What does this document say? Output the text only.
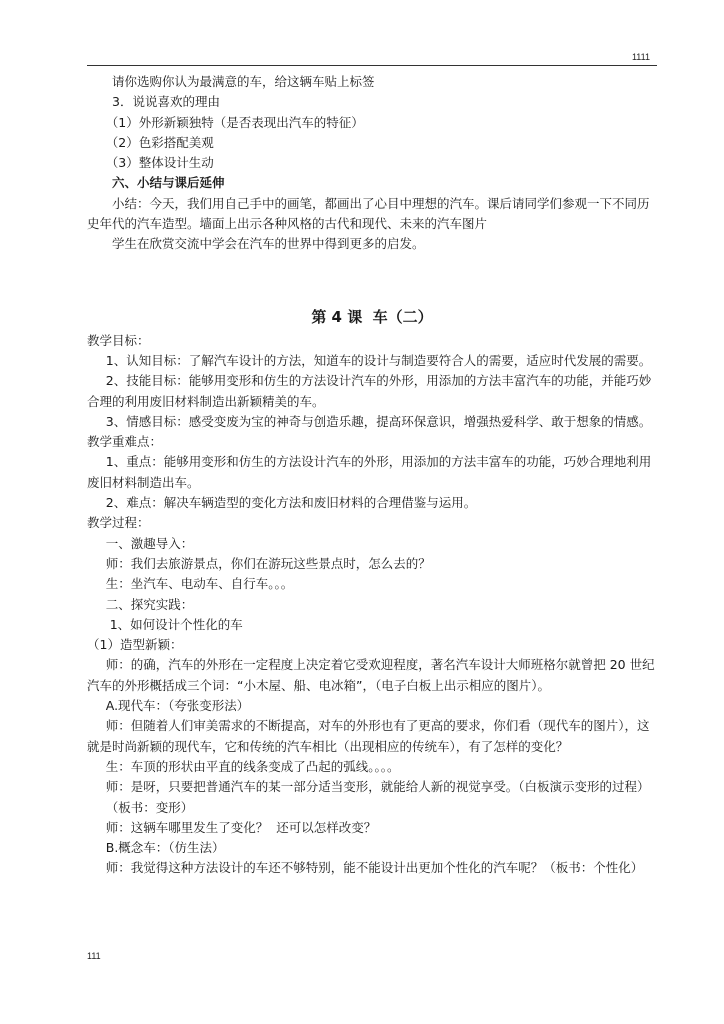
1111

请你选购你认为最满意的车，给这辆车贴上标签

3．说说喜欢的理由

（1）外形新颖独特（是否表现出汽车的特征）

（2）色彩搭配美观

（3）整体设计生动

六、小结与课后延伸

小结：今天，我们用自己手中的画笔，都画出了心目中理想的汽车。课后请同学们参观一下不同历史年代的汽车造型。墙面上出示各种风格的古代和现代、未来的汽车图片

学生在欣赏交流中学会在汽车的世界中得到更多的启发。

第 4 课  车（二）

教学目标：

1、认知目标：了解汽车设计的方法，知道车的设计与制造要符合人的需要，适应时代发展的需要。

2、技能目标：能够用变形和仿生的方法设计汽车的外形，用添加的方法丰富汽车的功能，并能巧妙合理的利用废旧材料制造出新颖精美的车。

3、情感目标：感受变废为宝的神奇与创造乐趣，提高环保意识，增强热爱科学、敢于想象的情感。

教学重难点：

1、重点：能够用变形和仿生的方法设计汽车的外形，用添加的方法丰富车的功能，巧妙合理地利用废旧材料制造出车。

2、难点：解决车辆造型的变化方法和废旧材料的合理借鉴与运用。

教学过程：

一、激趣导入：

师：我们去旅游景点，你们在游玩这些景点时，怎么去的？

生：坐汽车、电动车、自行车。。。

二、探究实践：

1、如何设计个性化的车

（1）造型新颖：

师：的确，汽车的外形在一定程度上决定着它受欢迎程度，著名汽车设计大师班格尔就曾把 20 世纪汽车的外形概括成三个词：“小木屋、船、电冰箱”，（电子白板上出示相应的图片）。

A.现代车：（夸张变形法）

师：但随着人们审美需求的不断提高，对车的外形也有了更高的要求，你们看（现代车的图片），这就是时尚新颖的现代车，它和传统的汽车相比（出现相应的传统车），有了怎样的变化？

生：车顶的形状由平直的线条变成了凸起的弧线。。。。

师：是呀，只要把普通汽车的某一部分适当变形，就能给人新的视觉享受。（白板演示变形的过程）

（板书：变形）

师：这辆车哪里发生了变化？  还可以怎样改变？

B.概念车：（仿生法）

师：我觉得这种方法设计的车还不够特别，能不能设计出更加个性化的汽车呢？（板书：个性化）

111
